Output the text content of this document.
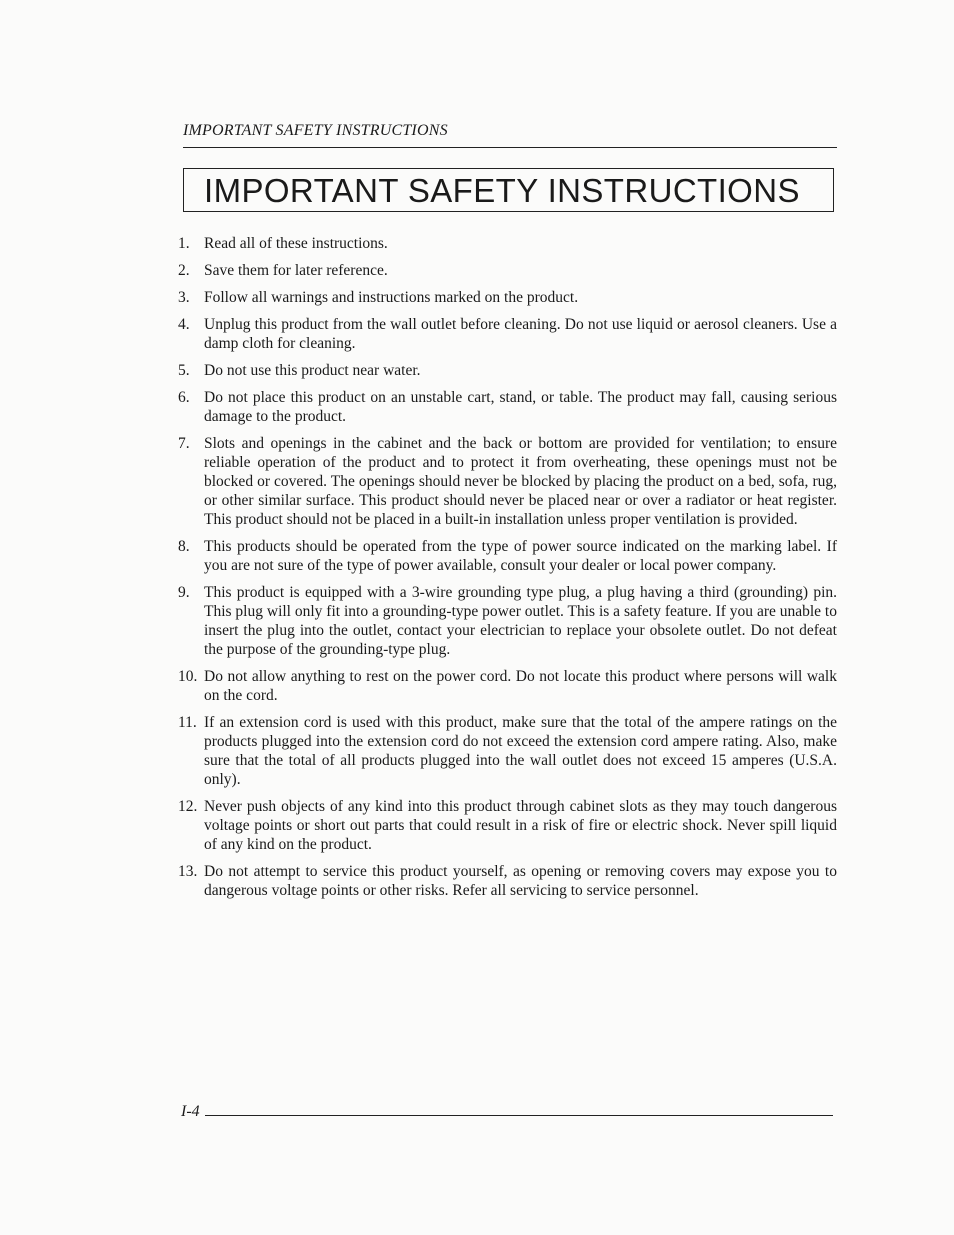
IMPORTANT SAFETY INSTRUCTIONS
IMPORTANT SAFETY INSTRUCTIONS
1. Read all of these instructions.
2. Save them for later reference.
3. Follow all warnings and instructions marked on the product.
4. Unplug this product from the wall outlet before cleaning. Do not use liquid or aerosol cleaners. Use a damp cloth for cleaning.
5. Do not use this product near water.
6. Do not place this product on an unstable cart, stand, or table. The product may fall, causing serious damage to the product.
7. Slots and openings in the cabinet and the back or bottom are provided for ventilation; to ensure reliable operation of the product and to protect it from overheating, these openings must not be blocked or covered. The openings should never be blocked by placing the product on a bed, sofa, rug, or other similar surface. This product should never be placed near or over a radiator or heat register. This product should not be placed in a built-in installation unless proper ventilation is provided.
8. This products should be operated from the type of power source indicated on the marking label. If you are not sure of the type of power available, consult your dealer or local power company.
9. This product is equipped with a 3-wire grounding type plug, a plug having a third (grounding) pin. This plug will only fit into a grounding-type power outlet. This is a safety feature. If you are unable to insert the plug into the outlet, contact your electrician to replace your obsolete outlet. Do not defeat the purpose of the grounding-type plug.
10. Do not allow anything to rest on the power cord. Do not locate this product where persons will walk on the cord.
11. If an extension cord is used with this product, make sure that the total of the ampere ratings on the products plugged into the extension cord do not exceed the extension cord ampere rating. Also, make sure that the total of all products plugged into the wall outlet does not exceed 15 amperes (U.S.A. only).
12. Never push objects of any kind into this product through cabinet slots as they may touch dangerous voltage points or short out parts that could result in a risk of fire or electric shock. Never spill liquid of any kind on the product.
13. Do not attempt to service this product yourself, as opening or removing covers may expose you to dangerous voltage points or other risks. Refer all servicing to service personnel.
I-4
